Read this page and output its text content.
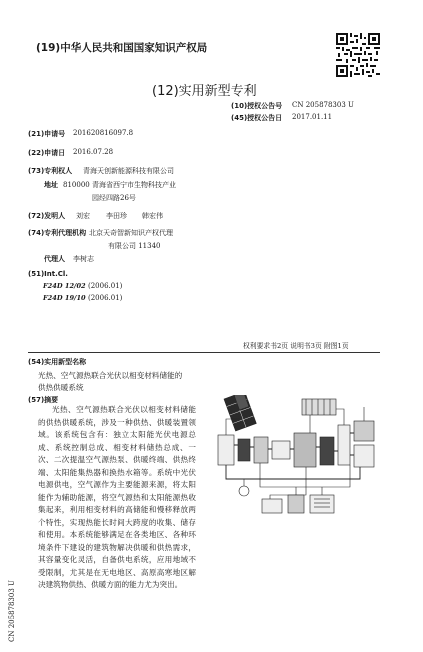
(19)中华人民共和国国家知识产权局
(12)实用新型专利
(10)授权公告号 CN 205878303 U
(45)授权公告日 2017.01.11
(21)申请号 201620816097.8
(22)申请日 2016.07.28
(73)专利权人 青海天创新能源科技有限公司
地址 810000 青海省西宁市生物科技产业
园经四路26号
(72)发明人 刘宏 李田珍 韩宏伟
(74)专利代理机构 北京天奇智新知识产权代理
有限公司 11340
代理人 李树志
(51)Int.Cl.
F24D 12/02 (2006.01)
F24D 19/10 (2006.01)
权利要求书2页 说明书3页 附图1页
(54)实用新型名称
光热、空气源热联合光伏以相变材料储能的
供热供暖系统
(57)摘要

光热、空气源热联合光伏以相变材料储能的供热供暖系统，涉及一种供热、供暖装置领域。该系统包含有：独立太阳能光伏电源总成、系统控制总成、相变材料储热总成、一次、二次提温空气源热泵、供暖终端、供热终端、太阳能集热器和换热水箱等。系统中光伏电源供电，空气源作为主要能源来源，将太阳能作为辅助能源，将空气源热和太阳能源热收集起来，利用相变材料的高储能和慢移释放两个特性，实现热能长时间大跨度的收集、储存和使用。本系统能够满足在各类地区、各种环境条件下建设的建筑物解决供暖和供热需求，其容量变化灵活，自备供电系统，应用地域不受限制，尤其是在无电地区、高原高寒地区解决建筑物供热、供暖方面的能力尤为突出。

CN 205878303 U
